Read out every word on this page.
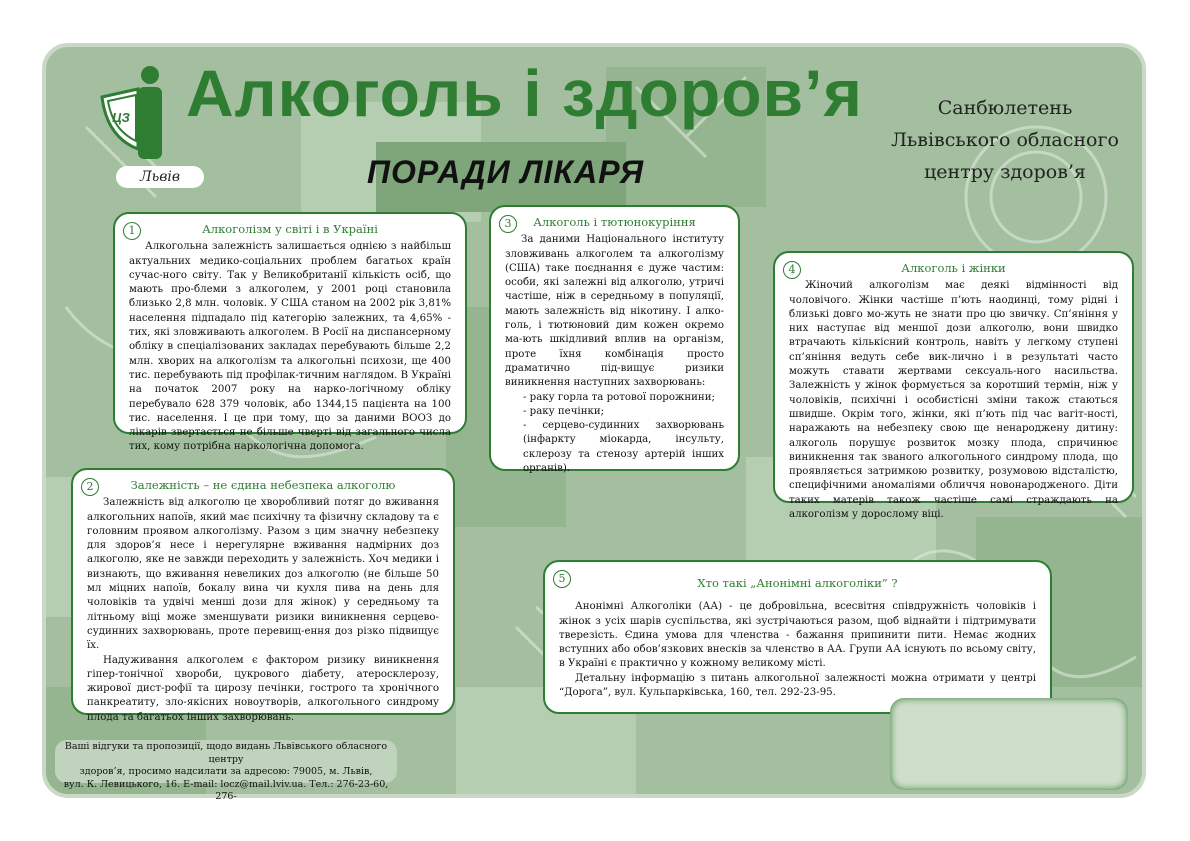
ЦЗ Алкоголь і здоров’я
ПОРАДИ ЛІКАРЯ
Львів
Санбюлетень
Львівського обласного
центру здоров’я
1	Алкоголізм у світі і в Україні

Алкогольна залежність залишається однією з найбільш актуальних медико-соціальних проблем багатьох країн сучас-ного світу. Так у Великобританії кількість осіб, що мають про-блеми з алкоголем, у 2001 році становила близько 2,8 млн. чоловік. У США станом на 2002 рік 3,81% населення підпадало під категорію залежних, та 4,65% - тих, які зловживають алкоголем. В Росії на диспансерному обліку в спеціалізованих закладах перебувають більше 2,2 млн. хворих на алкоголізм та алкогольні психози, ще 400 тис. перебувають під профілак-тичним наглядом. В Україні на початок 2007 року на нарко-логічному обліку перебувало 628 379 чоловік, або 1344,15 пацієнта на 100 тис. населення. І це при тому, що за даними ВООЗ до лікарів звертається не більше чверті від загального числа тих, кому потрібна наркологічна допомога.

2	Залежність – не єдина небезпека алкоголю

Залежність від алкоголю це хворобливий потяг до вживання алкогольних напоїв, який має психічну та фізичну складову та є головним проявом алкоголізму. Разом з цим значну небезпеку для здоров’я несе і нерегулярне вживання надмірних доз алкоголю, яке не завжди переходить у залежність. Хоч медики і визнають, що вживання невеликих доз алкоголю (не більше 50 мл міцних напоїв, бокалу вина чи кухля пива на день для чоловіків та удвічі менші дози для жінок) у середньому та літньому віці може зменшувати ризики виникнення серцево-судинних захворювань, проте перевищ-ення доз різко підвищує їх.

Надуживання алкоголем є фактором ризику виникнення гіпер-тонічної хвороби, цукрового діабету, атеросклерозу, жирової дист-рофії та цирозу печінки, гострого та хронічного панкреатиту, зло-якісних новоутворів, алкогольного синдрому плода та багатьох інших захворювань.

3	Алкоголь і тютюнокуріння

За даними Національного інституту зловживань алкоголем та алкоголізму (США) таке поєднання є дуже частим: особи, які залежні від алкоголю, утричі частіше, ніж в середньому в популяції, мають залежність від нікотину. І алко-голь, і тютюновий дим кожен окремо ма-ють шкідливий вплив на організм, проте їхня комбінація просто драматично під-вищує ризики виникнення наступних захворювань:

- раку горла та ротової порожнини;

- раку печінки;

- серцево-судинних захворювань (інфаркту міокарда, інсульту, склерозу та стенозу артерій інших органів).

4	Алкоголь і жінки

Жіночий алкоголізм має деякі відмінності від чоловічого. Жінки частіше п’ють наодинці, тому рідні і близькі довго мо-жуть не знати про цю звичку. Сп’яніння у них наступає від меншої дози алкоголю, вони швидко втрачають кількісний контроль, навіть у легкому ступені сп’яніння ведуть себе вик-лично і в результаті часто можуть ставати жертвами сексуаль-ного насильства. Залежність у жінок формується за коротший термін, ніж у чоловіків, психічні і особистісні зміни також стаються швидше. Окрім того, жінки, які п’ють під час вагіт-ності, наражають на небезпеку свою ще ненароджену дитину: алкоголь порушує розвиток мозку плода, спричинює виникнення так званого алкогольного синдрому плода, що проявляється затримкою розвитку, розумовою відсталістю, специфічними аномаліями обличчя новонародженого. Діти таких матерів також частіше самі страждають на алкоголізм у дорослому віці.

5	Хто такі „Анонімні алкоголіки” ?

Анонімні Алкоголіки (АА) - це добровільна, всесвітня співдружність чоловіків і жінок з усіх шарів суспільства, які зустрічаються разом, щоб віднайти і підтримувати тверезість. Єдина умова для членства - бажання припинити пити. Немає жодних вступних або обов’язкових внесків за членство в АА. Групи АА існують по всьому світу, в Україні є практично у кожному великому місті.

Детальну інформацію з питань алкогольної залежності можна отримати у центрі “Дорога”, вул. Кульпарківська, 160, тел. 292-23-95.

Ваші відгуки та пропозиції, щодо видань Львівського обласного центру
здоров’я, просимо надсилати за адресою: 79005, м. Львів,
вул. К. Левицького, 16. E-mail: locz@mail.lviv.ua. Тел.: 276-23-60, 276-
